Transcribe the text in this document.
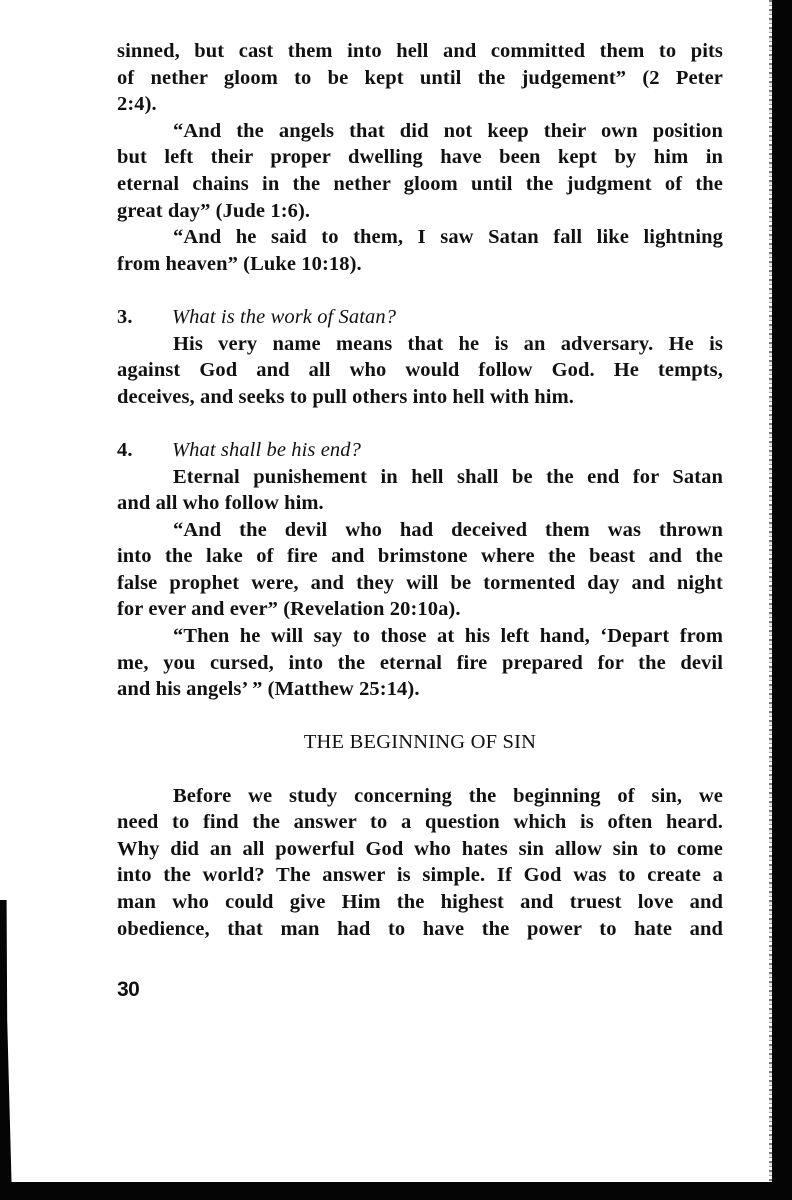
sinned, but cast them into hell and committed them to pits
of nether gloom to be kept until the judgement” (2 Peter
2:4).
“And the angels that did not keep their own position
but left their proper dwelling have been kept by him in
eternal chains in the nether gloom until the judgment of the
great day” (Jude 1:6).
“And he said to them, I saw Satan fall like lightning
from heaven” (Luke 10:18).
3. What is the work of Satan?
His very name means that he is an adversary. He is
against God and all who would follow God. He tempts,
deceives, and seeks to pull others into hell with him.
4. What shall be his end?
Eternal punishement in hell shall be the end for Satan
and all who follow him.
“And the devil who had deceived them was thrown
into the lake of fire and brimstone where the beast and the
false prophet were, and they will be tormented day and night
for ever and ever” (Revelation 20:10a).
“Then he will say to those at his left hand, ‘Depart from
me, you cursed, into the eternal fire prepared for the devil
and his angels’ ” (Matthew 25:14).
THE BEGINNING OF SIN
Before we study concerning the beginning of sin, we
need to find the answer to a question which is often heard.
Why did an all powerful God who hates sin allow sin to come
into the world? The answer is simple. If God was to create a
man who could give Him the highest and truest love and
obedience, that man had to have the power to hate and
30
